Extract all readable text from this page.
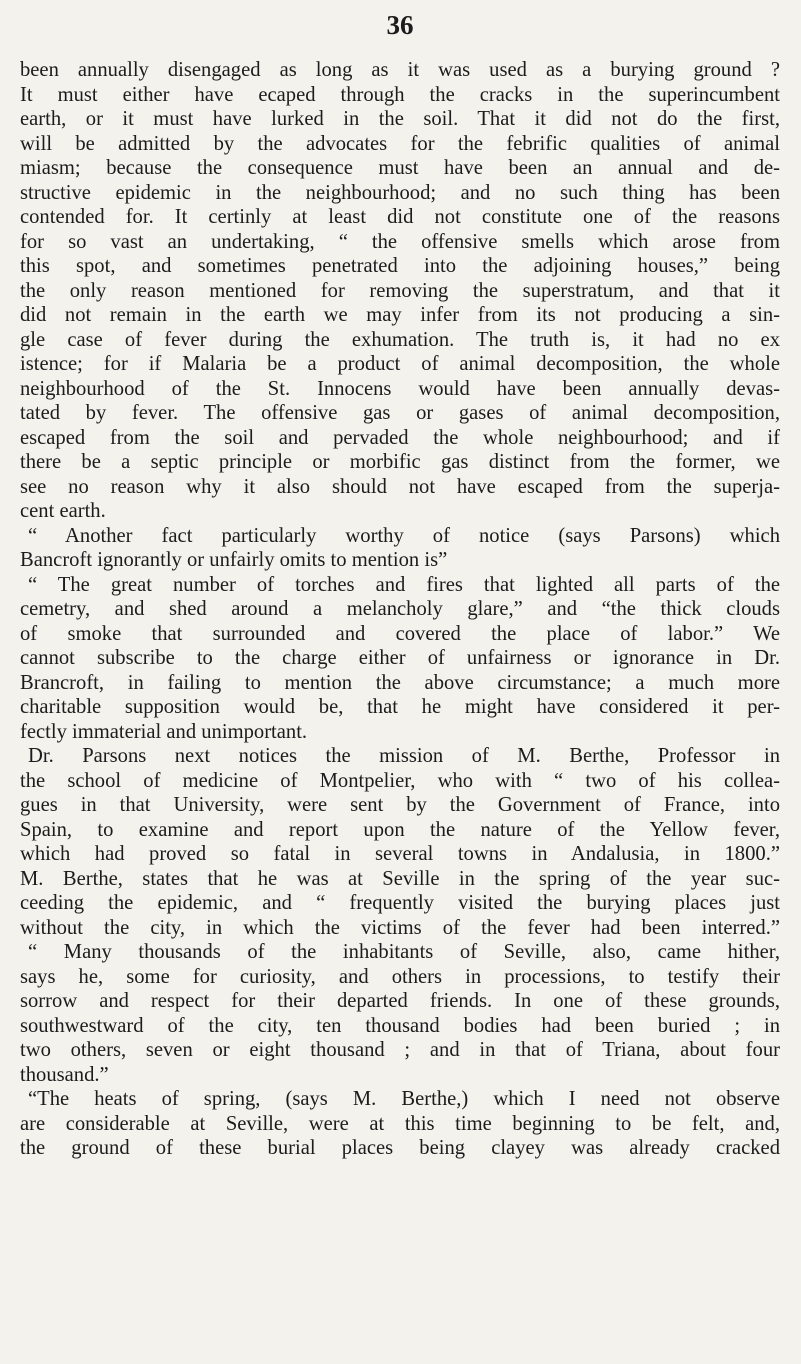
36
been annually disengaged as long as it was used as a burying ground ?
It must either have ecaped through the cracks in the superincumbent
earth, or it must have lurked in the soil. That it did not do the first,
will be admitted by the advocates for the febrific qualities of animal
miasm; because the consequence must have been an annual and de-
structive epidemic in the neighbourhood; and no such thing has been
contended for. It certinly at least did not constitute one of the reasons
for so vast an undertaking, “ the offensive smells which arose from
this spot, and sometimes penetrated into the adjoining houses,” being
the only reason mentioned for removing the superstratum, and that it
did not remain in the earth we may infer from its not producing a sin-
gle case of fever during the exhumation. The truth is, it had no ex
istence; for if Malaria be a product of animal decomposition, the whole
neighbourhood of the St. Innocens would have been annually devas-
tated by fever. The offensive gas or gases of animal decomposition,
escaped from the soil and pervaded the whole neighbourhood; and if
there be a septic principle or morbific gas distinct from the former, we
see no reason why it also should not have escaped from the superja-
cent earth.
“ Another fact particularly worthy of notice (says Parsons) which
Bancroft ignorantly or unfairly omits to mention is”
“ The great number of torches and fires that lighted all parts of the
cemetry, and shed around a melancholy glare,” and “the thick clouds
of smoke that surrounded and covered the place of labor.” We
cannot subscribe to the charge either of unfairness or ignorance in Dr.
Brancroft, in failing to mention the above circumstance; a much more
charitable supposition would be, that he might have considered it per-
fectly immaterial and unimportant.
Dr. Parsons next notices the mission of M. Berthe, Professor in
the school of medicine of Montpelier, who with “ two of his collea-
gues in that University, were sent by the Government of France, into
Spain, to examine and report upon the nature of the Yellow fever,
which had proved so fatal in several towns in Andalusia, in 1800.”
M. Berthe, states that he was at Seville in the spring of the year suc-
ceeding the epidemic, and “ frequently visited the burying places just
without the city, in which the victims of the fever had been interred.”
“ Many thousands of the inhabitants of Seville, also, came hither,
says he, some for curiosity, and others in processions, to testify their
sorrow and respect for their departed friends. In one of these grounds,
southwestward of the city, ten thousand bodies had been buried ; in
two others, seven or eight thousand ; and in that of Triana, about four
thousand.”
“The heats of spring, (says M. Berthe,) which I need not observe
are considerable at Seville, were at this time beginning to be felt, and,
the ground of these burial places being clayey was already cracked
